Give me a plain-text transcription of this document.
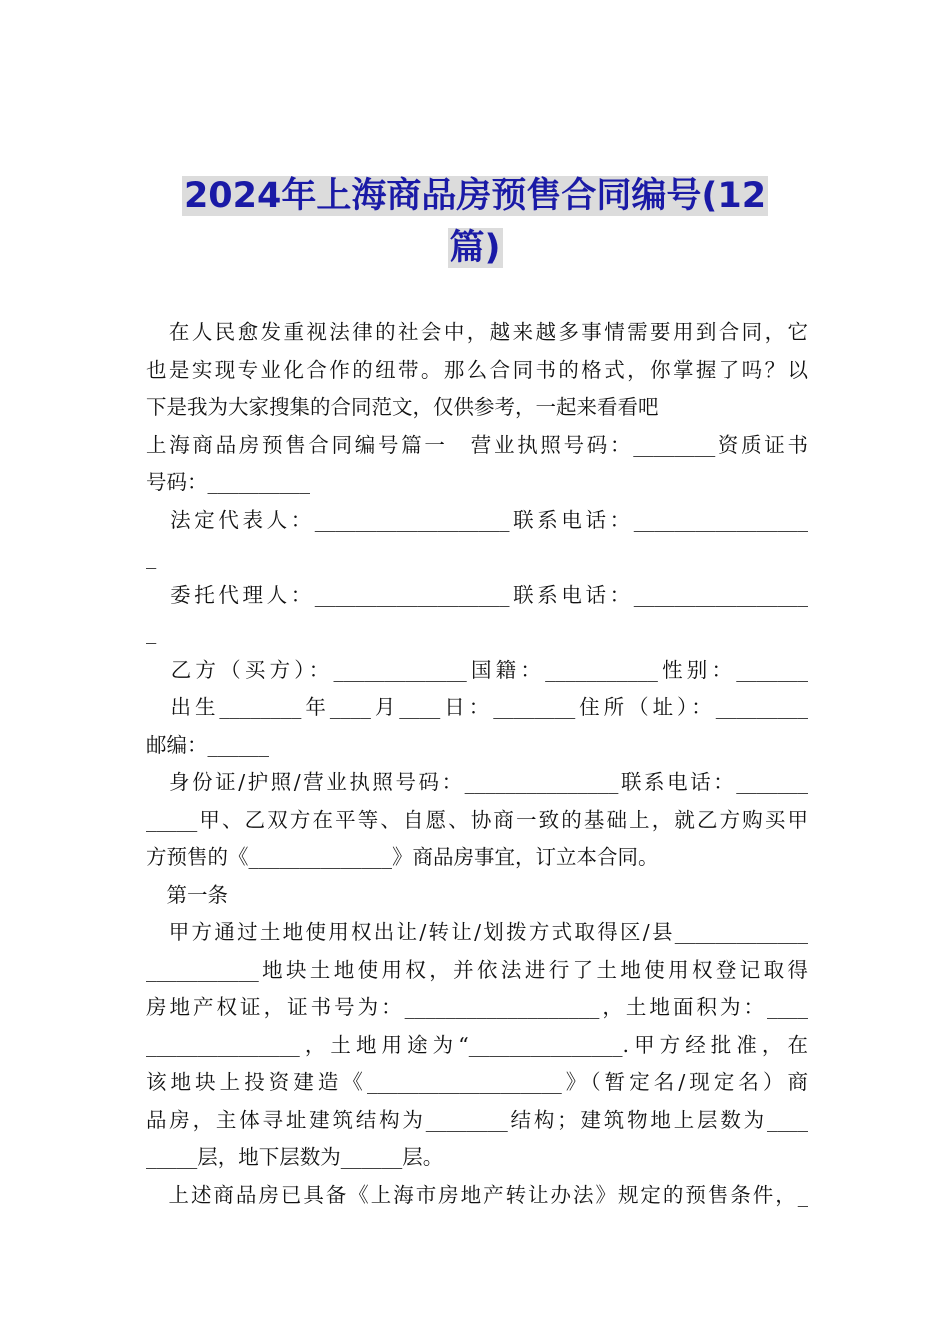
2024年上海商品房预售合同编号(12
篇)
　在人民愈发重视法律的社会中，越来越多事情需要用到合同，它
也是实现专业化合作的纽带。那么合同书的格式，你掌握了吗？以
下是我为大家搜集的合同范文，仅供参考，一起来看看吧
上海商品房预售合同编号篇一　营业执照号码：________资质证书
号码：__________
　法定代表人：___________________联系电话：_________________
_
　委托代理人：___________________联系电话：_________________
_
　乙方（买方）：_____________国籍：___________性别：_______
　出生________年____月____日：________住所（址）：_________
邮编：______
　身份证/护照/营业执照号码：_______________联系电话：_______
_____甲、乙双方在平等、自愿、协商一致的基础上，就乙方购买甲
方预售的《______________》商品房事宜，订立本合同。
　第一条
　甲方通过土地使用权出让/转让/划拨方式取得区/县_____________
___________地块土地使用权，并依法进行了土地使用权登记取得
房地产权证，证书号为：___________________，土地面积为：____
_______________，土地用途为“_______________.甲方经批准，在
该地块上投资建造《___________________》（暂定名/现定名）商
品房，主体寻址建筑结构为________结构；建筑物地上层数为____
_____层，地下层数为______层。
　上述商品房已具备《上海市房地产转让办法》规定的预售条件，_
